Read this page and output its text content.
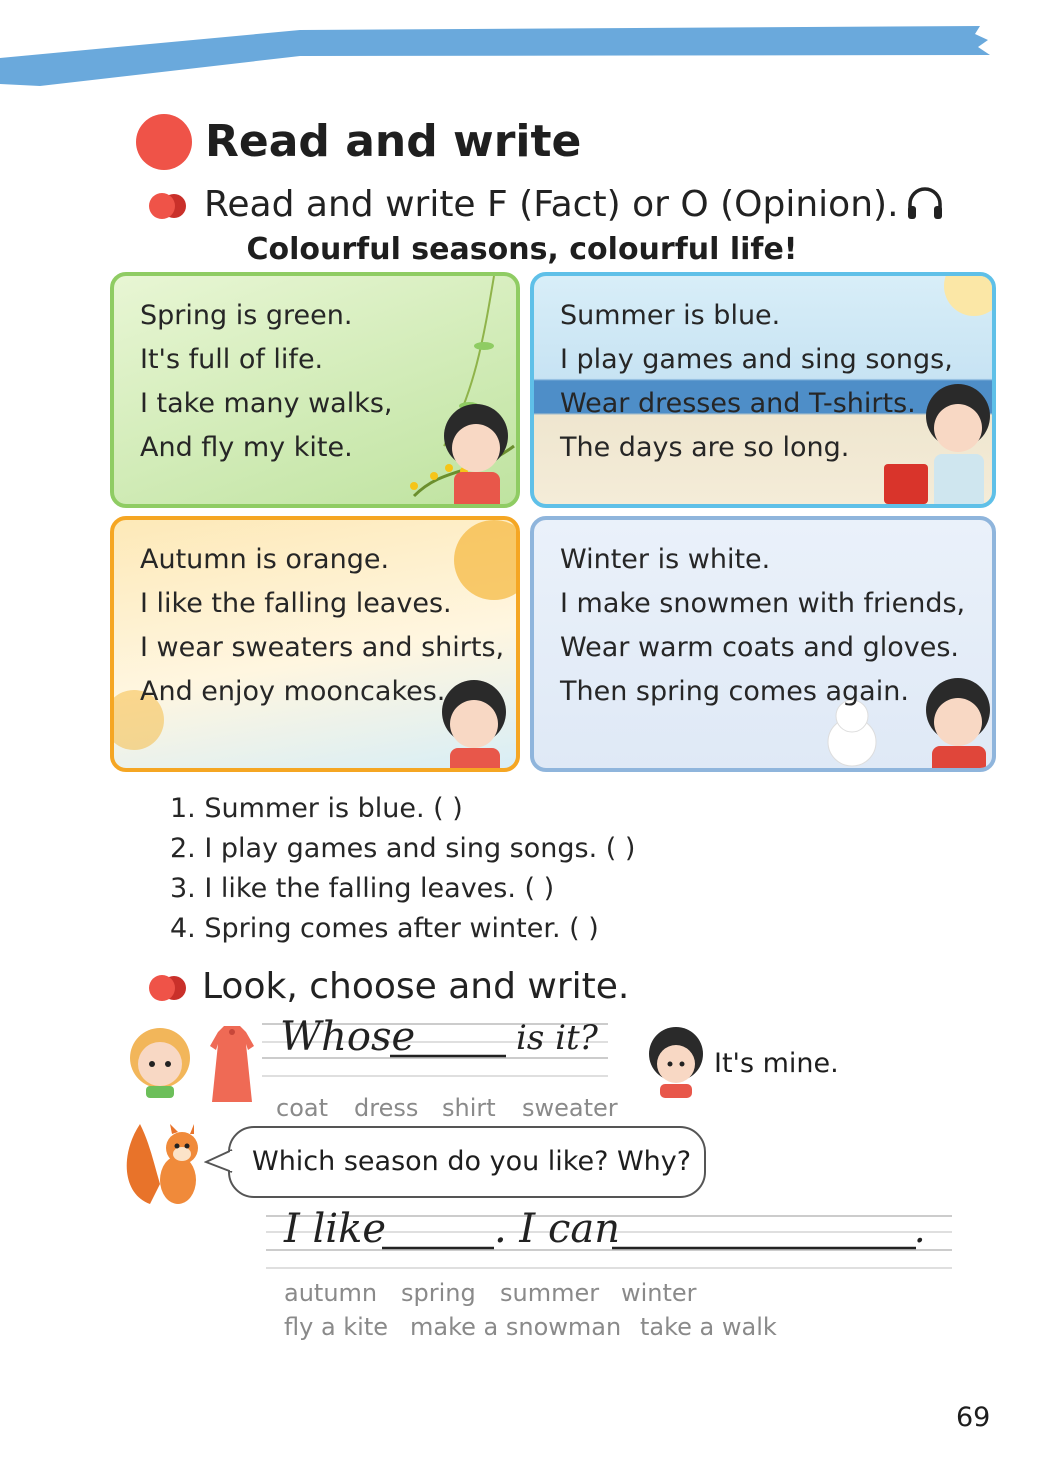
Read and write
Read and write F (Fact) or O (Opinion).
Colourful seasons, colourful life!
Spring is green.
It's full of life.
I take many walks,
And fly my kite.
Summer is blue.
I play games and sing songs,
Wear dresses and T-shirts.
The days are so long.
Autumn is orange.
I like the falling leaves.
I wear sweaters and shirts,
And enjoy mooncakes.
Winter is white.
I make snowmen with friends,
Wear warm coats and gloves.
Then spring comes again.
1. Summer is blue. ( )
2. I play games and sing songs. ( )
3. I like the falling leaves. ( )
4. Spring comes after winter. ( )
Look, choose and write.
Whose	is it?
It's mine.
coat dress shirt sweater
Which season do you like? Why?
I like	. I can	.
autumn spring summer winter
fly a kite make a snowman take a walk
69
